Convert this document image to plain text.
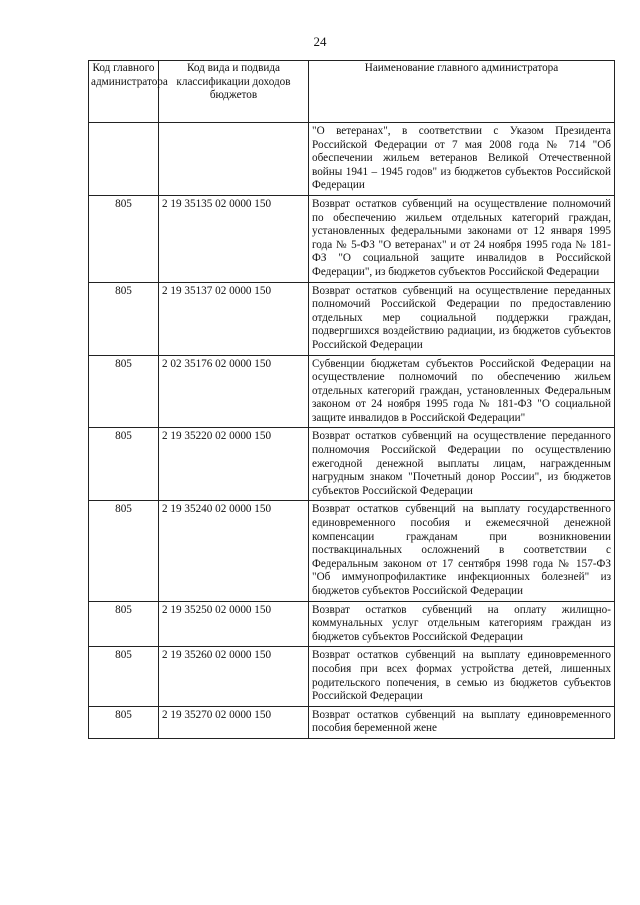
24
Код главного администратора	Код вида и подвида классификации доходов бюджетов	Наименование главного администратора
		"О ветеранах", в соответствии с Указом Президента Российской Федерации от 7 мая 2008 года № 714 "Об обеспечении жильем ветеранов Великой Отечественной войны 1941 – 1945 годов" из бюджетов субъектов Российской Федерации
805	2 19 35135 02 0000 150	Возврат остатков субвенций на осуществление полномочий по обеспечению жильем отдельных категорий граждан, установленных федеральными законами от 12 января 1995 года № 5-ФЗ "О ветеранах" и от 24 ноября 1995 года № 181-ФЗ "О социальной защите инвалидов в Российской Федерации", из бюджетов субъектов Российской Федерации
805	2 19 35137 02 0000 150	Возврат остатков субвенций на осуществление переданных полномочий Российской Федерации по предоставлению отдельных мер социальной поддержки граждан, подвергшихся воздействию радиации, из бюджетов субъектов Российской Федерации
805	2 02 35176 02 0000 150	Субвенции бюджетам субъектов Российской Федерации на осуществление полномочий по обеспечению жильем отдельных категорий граждан, установленных Федеральным законом от 24 ноября 1995 года № 181-ФЗ "О социальной защите инвалидов в Российской Федерации"
805	2 19 35220 02 0000 150	Возврат остатков субвенций на осуществление переданного полномочия Российской Федерации по осуществлению ежегодной денежной выплаты лицам, награжденным нагрудным знаком "Почетный донор России", из бюджетов субъектов Российской Федерации
805	2 19 35240 02 0000 150	Возврат остатков субвенций на выплату государственного единовременного пособия и ежемесячной денежной компенсации гражданам при возникновении поствакцинальных осложнений в соответствии с Федеральным законом от 17 сентября 1998 года № 157-ФЗ "Об иммунопрофилактике инфекционных болезней" из бюджетов субъектов Российской Федерации
805	2 19 35250 02 0000 150	Возврат остатков субвенций на оплату жилищно-коммунальных услуг отдельным категориям граждан из бюджетов субъектов Российской Федерации
805	2 19 35260 02 0000 150	Возврат остатков субвенций на выплату единовременного пособия при всех формах устройства детей, лишенных родительского попечения, в семью из бюджетов субъектов Российской Федерации
805	2 19 35270 02 0000 150	Возврат остатков субвенций на выплату единовременного пособия беременной жене
